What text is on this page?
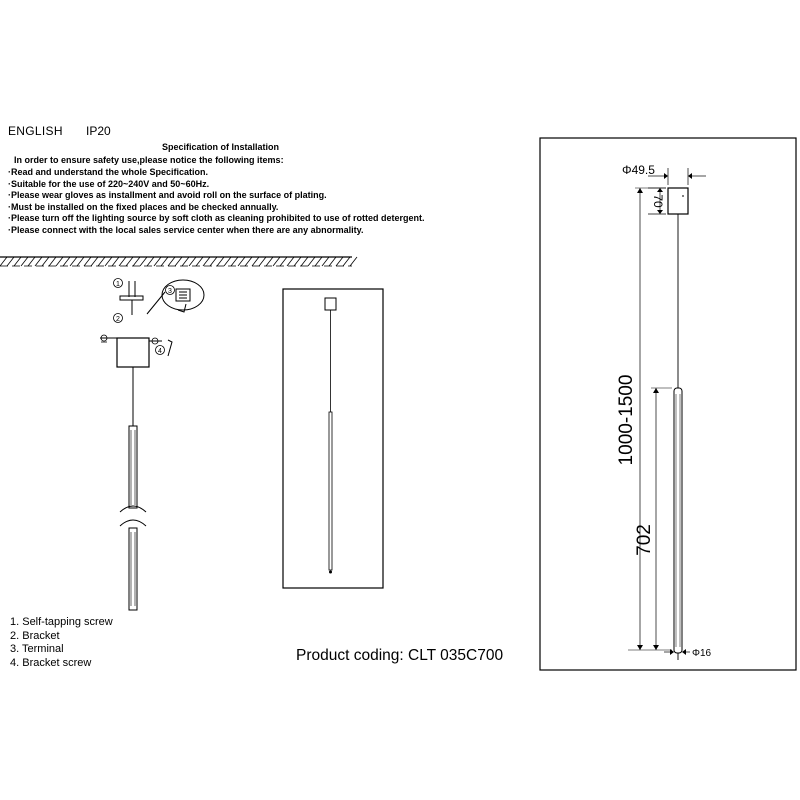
ENGLISH IP20
Specification of Installation
In order to ensure safety use,please notice the following items:
·Read and understand the whole Specification.
·Suitable for the use of 220~240V and 50~60Hz.
·Please wear gloves as installment and avoid roll on the surface of plating.
·Must be installed on the fixed places and be checked annually.
·Please turn off the lighting source by soft cloth as cleaning prohibited to use of rotted detergent.
·Please connect with the local sales service center when there are any abnormality.
1
2
3
4
Φ49.5
70
1000-1500
702
Φ16
1. Self-tapping screw
2. Bracket
3. Terminal
4. Bracket screw	Product coding: CLT 035C700
